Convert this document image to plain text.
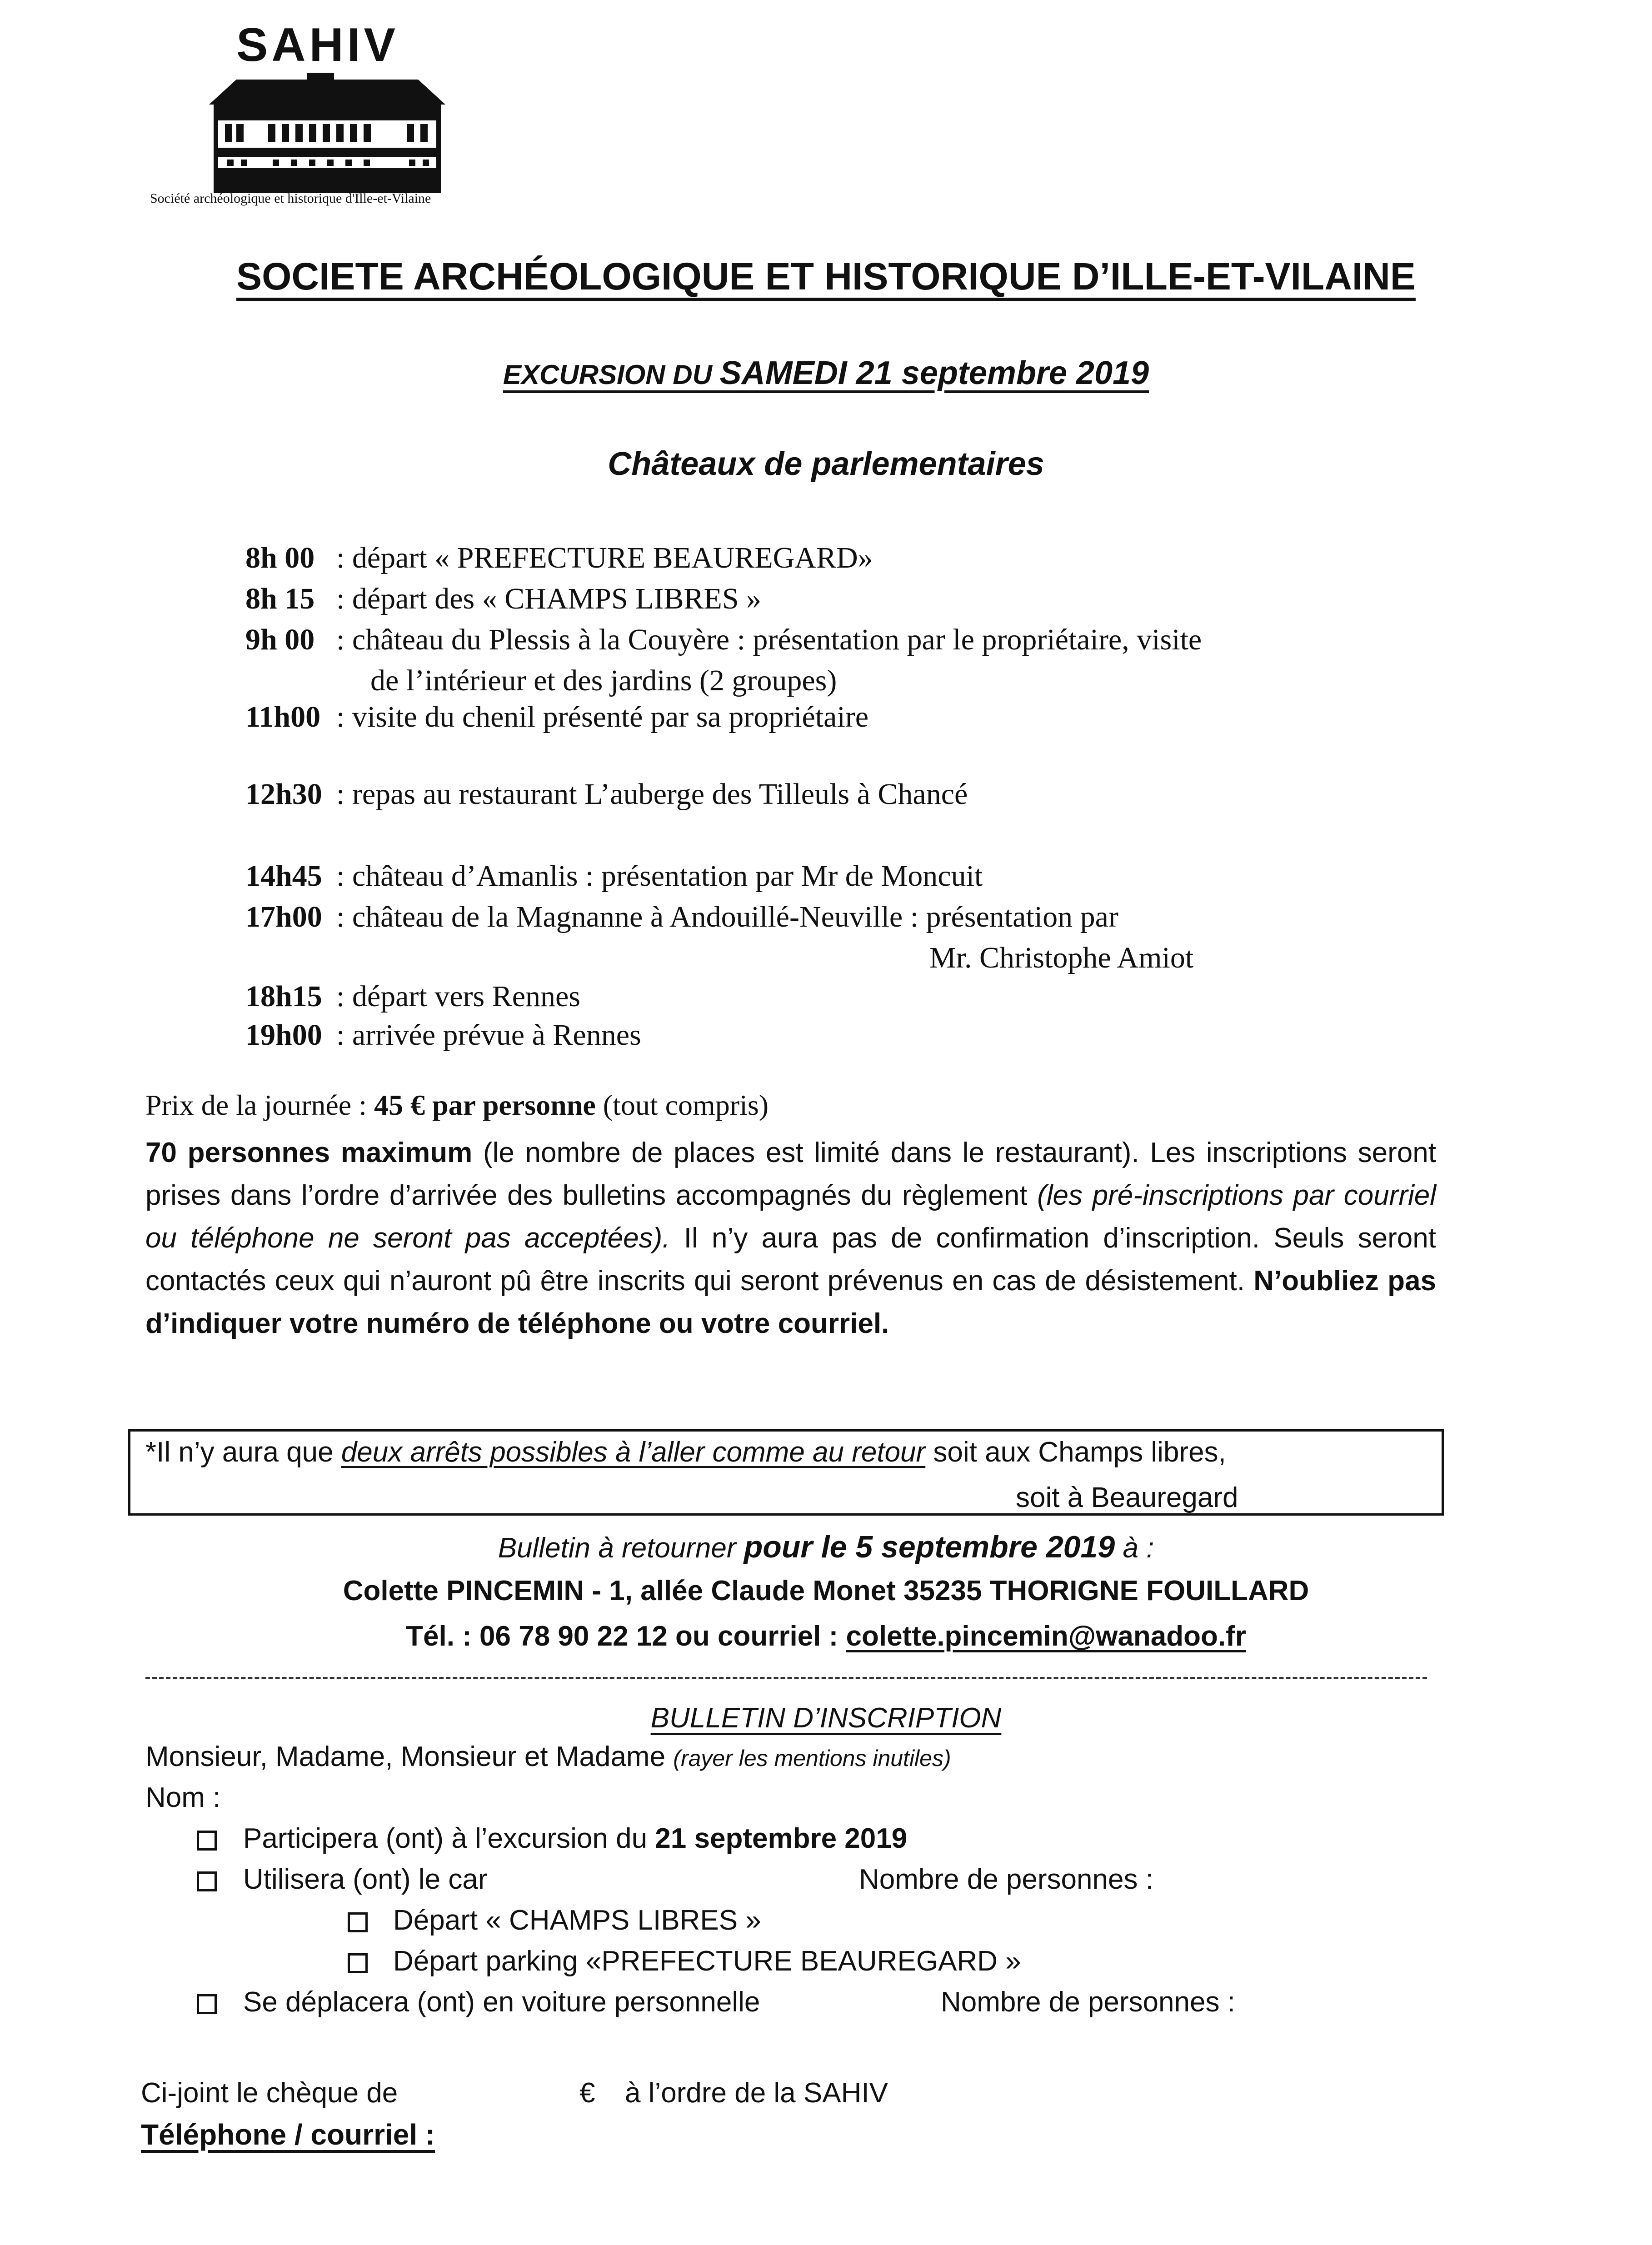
SAHIV
Société archéologique et historique d'Ille-et-Vilaine
SOCIETE ARCHÉOLOGIQUE ET HISTORIQUE D’ILLE-ET-VILAINE
EXCURSION DU SAMEDI 21 septembre 2019
Châteaux de parlementaires
8h 00 : départ « PREFECTURE BEAUREGARD»
8h 15 : départ des « CHAMPS LIBRES »
9h 00 : château du Plessis à la Couyère : présentation par le propriétaire, visite
de l’intérieur et des jardins (2 groupes)
11h00 : visite du chenil présenté par sa propriétaire
12h30 : repas au restaurant L’auberge des Tilleuls à Chancé
14h45 : château d’Amanlis : présentation par Mr de Moncuit
17h00 : château de la Magnanne à Andouillé-Neuville : présentation par
Mr. Christophe Amiot
18h15 : départ vers Rennes
19h00 : arrivée prévue à Rennes
Prix de la journée : 45 € par personne (tout compris)
70 personnes maximum (le nombre de places est limité dans le restaurant). Les inscriptions seront prises dans l’ordre d’arrivée des bulletins accompagnés du règlement (les pré-inscriptions par courriel ou téléphone ne seront pas acceptées). Il n’y aura pas de confirmation d’inscription. Seuls seront contactés ceux qui n’auront pû être inscrits qui seront prévenus en cas de désistement. N’oubliez pas d’indiquer votre numéro de téléphone ou votre courriel.
*Il n’y aura que deux arrêts possibles à l’aller comme au retour soit aux Champs libres,
soit à Beauregard
Bulletin à retourner pour le 5 septembre 2019 à :
Colette PINCEMIN - 1, allée Claude Monet 35235 THORIGNE FOUILLARD
Tél. : 06 78 90 22 12 ou courriel : colette.pincemin@wanadoo.fr
BULLETIN D’INSCRIPTION
Monsieur, Madame, Monsieur et Madame (rayer les mentions inutiles)
Nom :
Participera (ont) à l’excursion du 21 septembre 2019
Utilisera (ont) le car	Nombre de personnes :
Départ « CHAMPS LIBRES »
Départ parking «PREFECTURE BEAUREGARD »
Se déplacera (ont) en voiture personnelle	Nombre de personnes :
Ci-joint le chèque de	€ à l’ordre de la SAHIV
Téléphone / courriel :
